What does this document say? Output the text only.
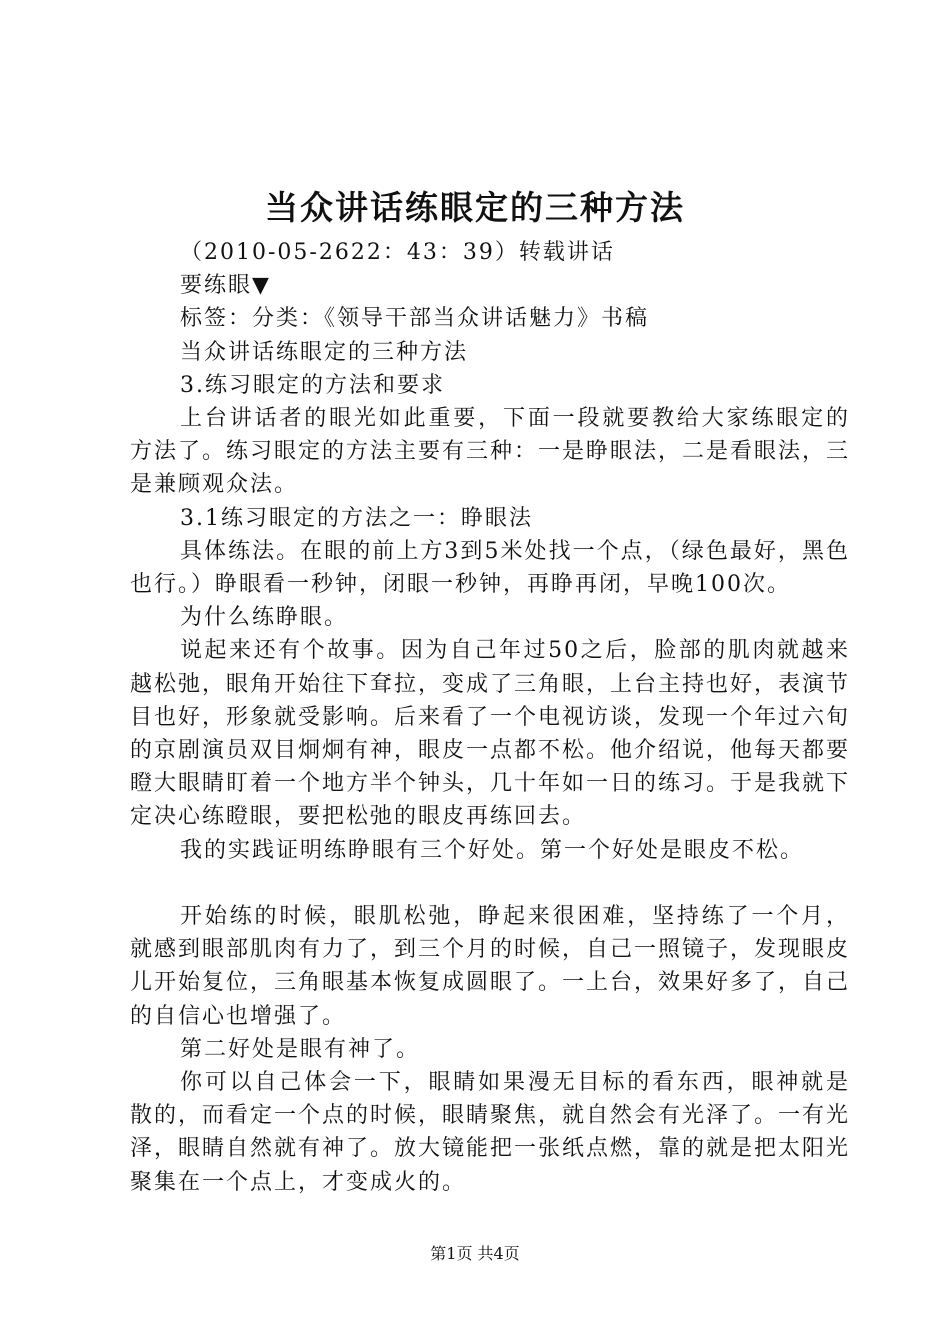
当众讲话练眼定的三种方法

（2010-05-2622：43：39）转载讲话

要练眼▼

标签：分类：《领导干部当众讲话魅力》书稿

当众讲话练眼定的三种方法

3.练习眼定的方法和要求

上台讲话者的眼光如此重要，下面一段就要教给大家练眼定的方法了。练习眼定的方法主要有三种：一是睁眼法，二是看眼法，三是兼顾观众法。

3.1练习眼定的方法之一：睁眼法

具体练法。在眼的前上方3到5米处找一个点，（绿色最好，黑色也行。）睁眼看一秒钟，闭眼一秒钟，再睁再闭，早晚100次。

为什么练睁眼。

说起来还有个故事。因为自己年过50之后，脸部的肌肉就越来越松弛，眼角开始往下耷拉，变成了三角眼，上台主持也好，表演节目也好，形象就受影响。后来看了一个电视访谈，发现一个年过六旬的京剧演员双目炯炯有神，眼皮一点都不松。他介绍说，他每天都要瞪大眼睛盯着一个地方半个钟头，几十年如一日的练习。于是我就下定决心练瞪眼，要把松弛的眼皮再练回去。

我的实践证明练睁眼有三个好处。第一个好处是眼皮不松。

开始练的时候，眼肌松弛，睁起来很困难，坚持练了一个月，就感到眼部肌肉有力了，到三个月的时候，自己一照镜子，发现眼皮儿开始复位，三角眼基本恢复成圆眼了。一上台，效果好多了，自己的自信心也增强了。

第二好处是眼有神了。

你可以自己体会一下，眼睛如果漫无目标的看东西，眼神就是散的，而看定一个点的时候，眼睛聚焦，就自然会有光泽了。一有光泽，眼睛自然就有神了。放大镜能把一张纸点燃，靠的就是把太阳光聚集在一个点上，才变成火的。

第1页 共4页
